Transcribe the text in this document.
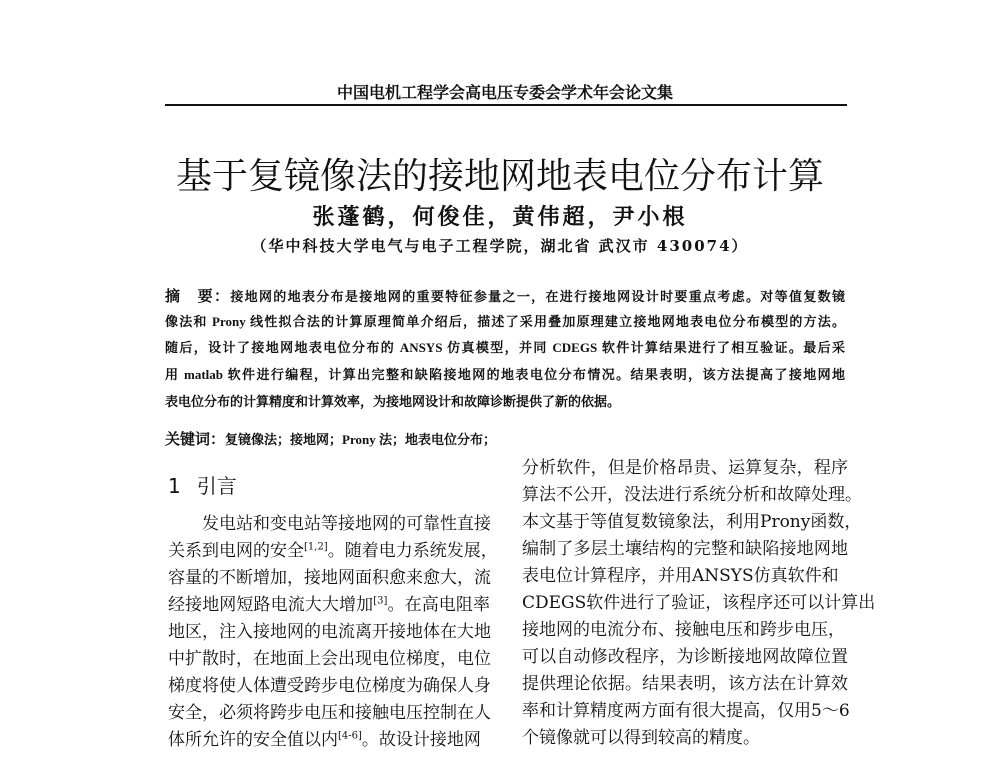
中国电机工程学会高电压专委会学术年会论文集
基于复镜像法的接地网地表电位分布计算
张蓬鹤，何俊佳，黄伟超，尹小根
（华中科技大学电气与电子工程学院，湖北省 武汉市 430074）
摘　要：接地网的地表分布是接地网的重要特征参量之一，在进行接地网设计时要重点考虑。对等值复数镜
像法和 Prony 线性拟合法的计算原理简单介绍后，描述了采用叠加原理建立接地网地表电位分布模型的方法。
随后，设计了接地网地表电位分布的 ANSYS 仿真模型，并同 CDEGS 软件计算结果进行了相互验证。最后采
用 matlab 软件进行编程，计算出完整和缺陷接地网的地表电位分布情况。结果表明，该方法提高了接地网地
表电位分布的计算精度和计算效率，为接地网设计和故障诊断提供了新的依据。
关键词：复镜像法；接地网；Prony 法；地表电位分布；
1 引言
发电站和变电站等接地网的可靠性直接
关系到电网的安全[1,2]。随着电力系统发展，
容量的不断增加，接地网面积愈来愈大，流
经接地网短路电流大大增加[3]。在高电阻率
地区，注入接地网的电流离开接地体在大地
中扩散时，在地面上会出现电位梯度，电位
梯度将使人体遭受跨步电位梯度为确保人身
安全，必须将跨步电压和接触电压控制在人
体所允许的安全值以内[4-6]。故设计接地网
分析软件，但是价格昂贵、运算复杂，程序
算法不公开，没法进行系统分析和故障处理。
本文基于等值复数镜象法，利用Prony函数，
编制了多层土壤结构的完整和缺陷接地网地
表电位计算程序，并用ANSYS仿真软件和
CDEGS软件进行了验证，该程序还可以计算出
接地网的电流分布、接触电压和跨步电压，
可以自动修改程序，为诊断接地网故障位置
提供理论依据。结果表明，该方法在计算效
率和计算精度两方面有很大提高，仅用5～6
个镜像就可以得到较高的精度。
